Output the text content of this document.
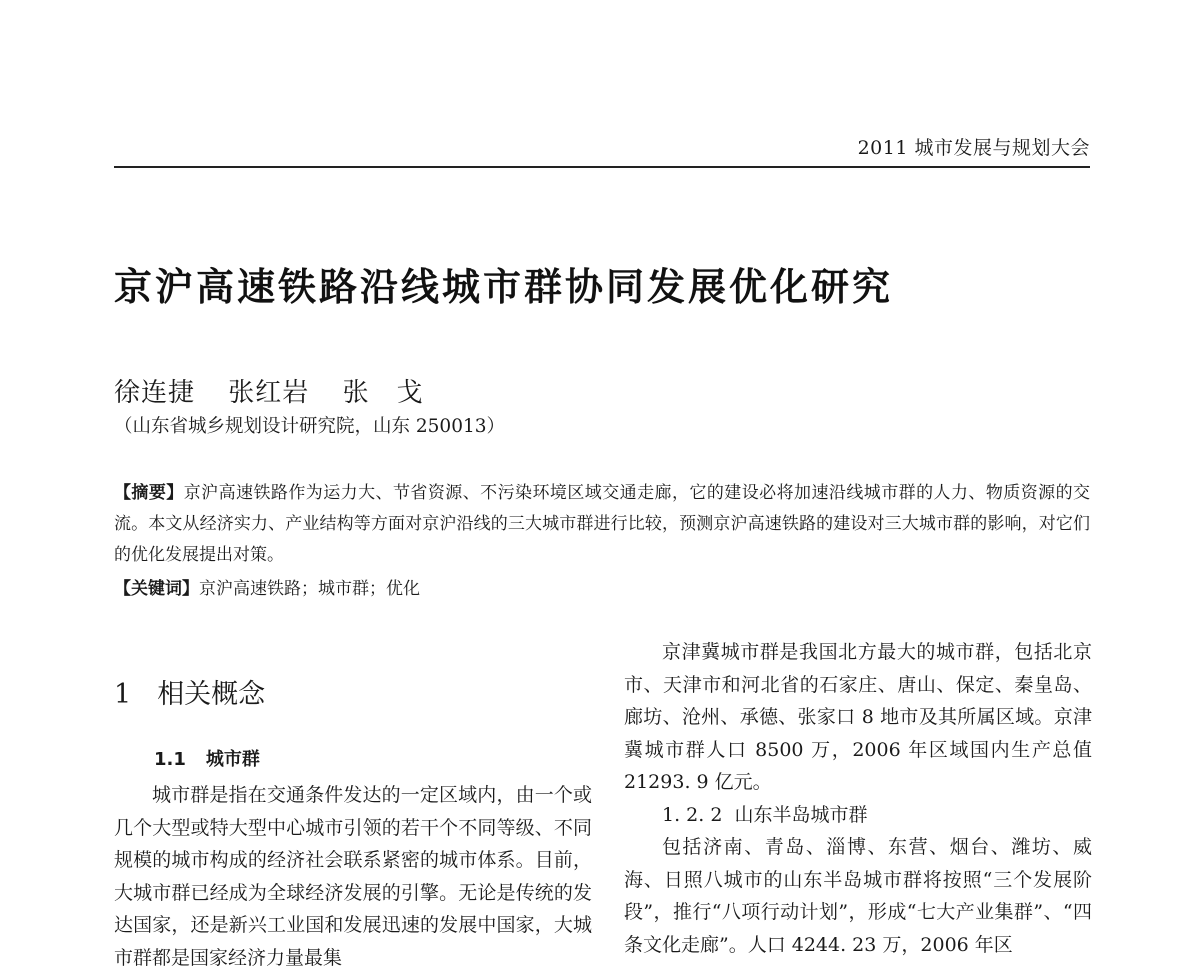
2011 城市发展与规划大会
京沪高速铁路沿线城市群协同发展优化研究
徐连捷 张红岩 张　戈
（山东省城乡规划设计研究院，山东 250013）
【摘要】京沪高速铁路作为运力大、节省资源、不污染环境区域交通走廊，它的建设必将加速沿线城市群的人力、物质资源的交流。本文从经济实力、产业结构等方面对京沪沿线的三大城市群进行比较，预测京沪高速铁路的建设对三大城市群的影响，对它们的优化发展提出对策。
【关键词】京沪高速铁路；城市群；优化
1 相关概念
1.1 城市群

城市群是指在交通条件发达的一定区域内，由一个或几个大型或特大型中心城市引领的若干个不同等级、不同规模的城市构成的经济社会联系紧密的城市体系。目前，大城市群已经成为全球经济发展的引擎。无论是传统的发达国家，还是新兴工业国和发展迅速的发展中国家，大城市群都是国家经济力量最集

京津冀城市群是我国北方最大的城市群，包括北京市、天津市和河北省的石家庄、唐山、保定、秦皇岛、廊坊、沧州、承德、张家口 8 地市及其所属区域。京津冀城市群人口 8500 万，2006 年区域国内生产总值 21293. 9 亿元。

1. 2. 2 山东半岛城市群

包括济南、青岛、淄博、东营、烟台、潍坊、威海、日照八城市的山东半岛城市群将按照“三个发展阶段”，推行“八项行动计划”，形成“七大产业集群”、“四条文化走廊”。人口 4244. 23 万，2006 年区
